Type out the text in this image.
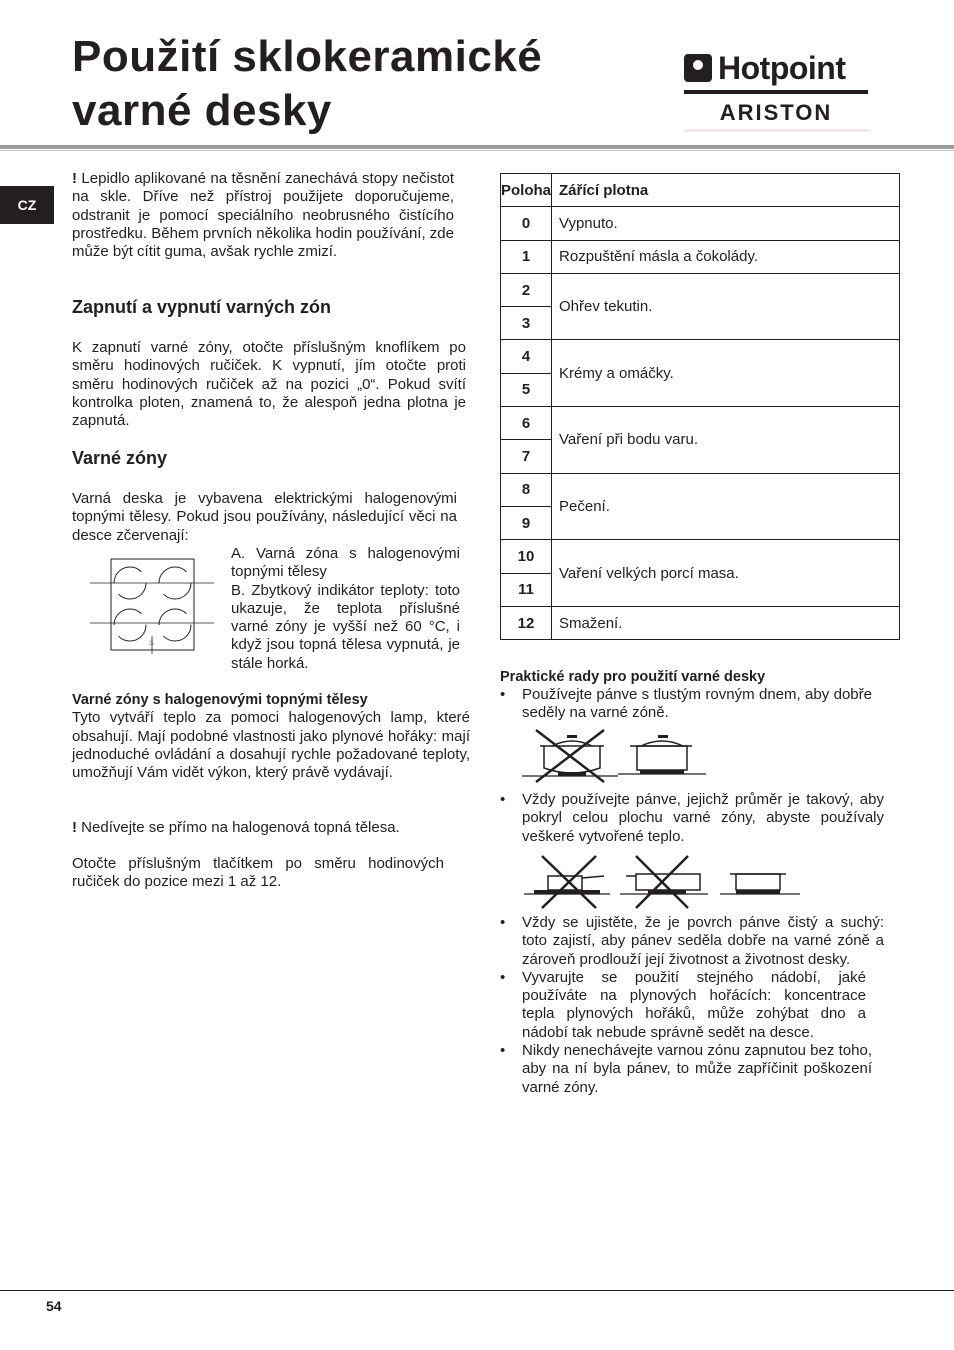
Použití sklokeramické
varné desky
Hotpoint
ARISTON
CZ

! Lepidlo aplikované na těsnění zanechává stopy nečistot na skle. Dříve než přístroj použijete doporučujeme, odstranit je pomocí speciálního neobrusného čistícího prostředku. Během prvních několika hodin používání, zde může být cítit guma, avšak rychle zmizí.

Zapnutí a vypnutí varných zón

K zapnutí varné zóny, otočte příslušným knoflíkem po směru hodinových ručiček. K vypnutí, jím otočte proti směru hodinových ručiček až na pozici „0“. Pokud svítí kontrolka ploten, znamená to, že alespoň jedna plotna je zapnutá.

Varné zóny

Varná deska je vybavena elektrickými halogenovými topnými tělesy. Pokud jsou používány, následující věci na desce zčervenají:

♨

A. Varná zóna s halogenovými topnými tělesy

B. Zbytkový indikátor teploty: toto ukazuje, že teplota příslušné varné zóny je vyšší než 60 °C, i když jsou topná tělesa vypnutá, je stále horká.

Varné zóny s halogenovými topnými tělesy

Tyto vytváří teplo za pomoci halogenových lamp, které obsahují. Mají podobné vlastnosti jako plynové hořáky: mají jednoduché ovládání a dosahují rychle požadované teploty, umožňují Vám vidět výkon, který právě vydávají.

! Nedívejte se přímo na halogenová topná tělesa.

Otočte příslušným tlačítkem po směru hodinových ručiček do pozice mezi 1 až 12.

Poloha	Zářící plotna
0	Vypnuto.
1	Rozpuštění másla a čokolády.
2	Ohřev tekutin.
3	
4	Krémy a omáčky.
5	
6	Vaření při bodu varu.
7	
8	Pečení.
9	
10	Vaření velkých porcí masa.
11	
12	Smažení.

Praktické rady pro použití varné desky

• Používejte pánve s tlustým rovným dnem, aby dobře seděly na varné zóně.

• Vždy používejte pánve, jejichž průměr je takový, aby pokryl celou plochu varné zóny, abyste používaly veškeré vytvořené teplo.

• Vždy se ujistěte, že je povrch pánve čistý a suchý: toto zajistí, aby pánev seděla dobře na varné zóně a zároveň prodlouží její životnost a životnost desky.

• Vyvarujte se použití stejného nádobí, jaké používáte na plynových hořácích: koncentrace tepla plynových hořáků, může zohýbat dno a nádobí tak nebude správně sedět na desce.

• Nikdy nenechávejte varnou zónu zapnutou bez toho, aby na ní byla pánev, to může zapříčinit poškození varné zóny.

54
